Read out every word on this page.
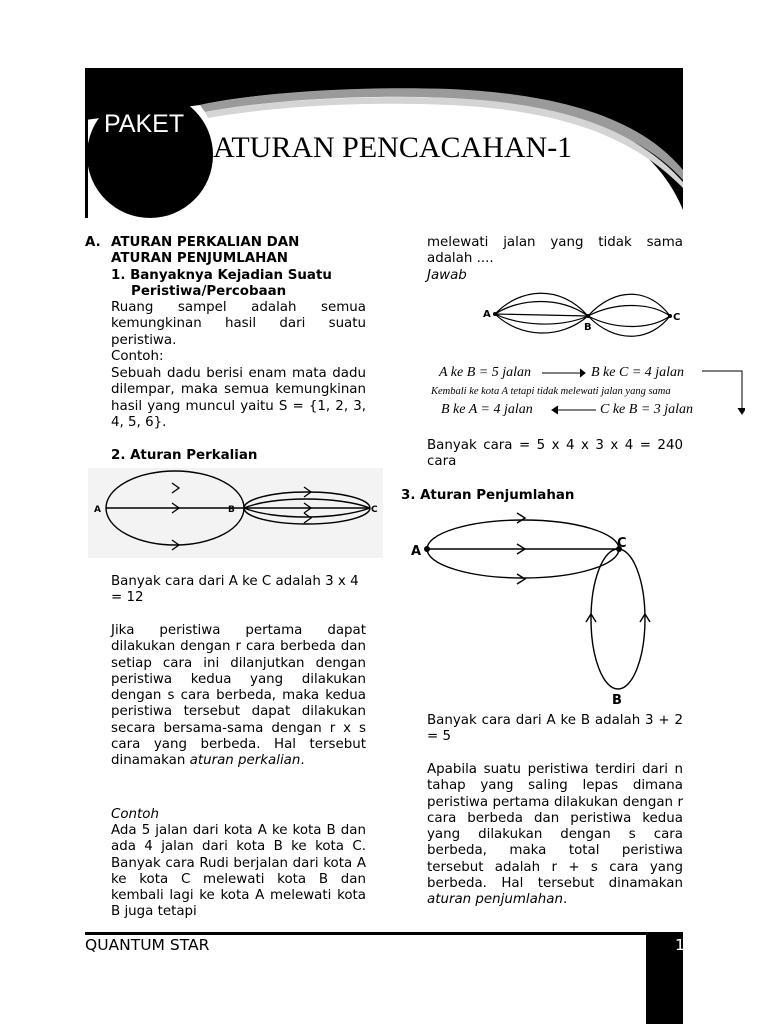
PAKET
1 ATURAN PENCACAHAN-1
A. ATURAN PERKALIAN DAN
ATURAN PENJUMLAHAN
1. Banyaknya Kejadian Suatu
Peristiwa/Percobaan
Ruang sampel adalah semua kemungkinan hasil dari suatu peristiwa.
Contoh:
Sebuah dadu berisi enam mata dadu dilempar, maka semua kemungkinan hasil yang muncul yaitu S = {1, 2, 3, 4, 5, 6}.
2. Aturan Perkalian
A	B	C
Banyak cara dari A ke C adalah 3 x 4 = 12
Jika peristiwa pertama dapat dilakukan dengan r cara berbeda dan setiap cara ini dilanjutkan dengan peristiwa kedua yang dilakukan dengan s cara berbeda, maka kedua peristiwa tersebut dapat dilakukan secara bersama-sama dengan r x s cara yang berbeda. Hal tersebut dinamakan aturan perkalian.
Contoh
Ada 5 jalan dari kota A ke kota B dan ada 4 jalan dari kota B ke kota C. Banyak cara Rudi berjalan dari kota A ke kota C melewati kota B dan kembali lagi ke kota A melewati kota B juga tetapi
melewati jalan yang tidak sama adalah ....
Jawab
A
B
C
A ke B = 5 jalan	B ke C = 4 jalan
Kembali ke kota A tetapi tidak melewati jalan yang sama
B ke A = 4 jalan	C ke B = 3 jalan
Banyak cara = 5 x 4 x 3 x 4 = 240 cara
3. Aturan Penjumlahan
A
C
B
Banyak cara dari A ke B adalah 3 + 2 = 5
Apabila suatu peristiwa terdiri dari n tahap yang saling lepas dimana peristiwa pertama dilakukan dengan r cara berbeda dan peristiwa kedua yang dilakukan dengan s cara berbeda, maka total peristiwa tersebut adalah r + s cara yang berbeda. Hal tersebut dinamakan aturan penjumlahan.
QUANTUM STAR	1
